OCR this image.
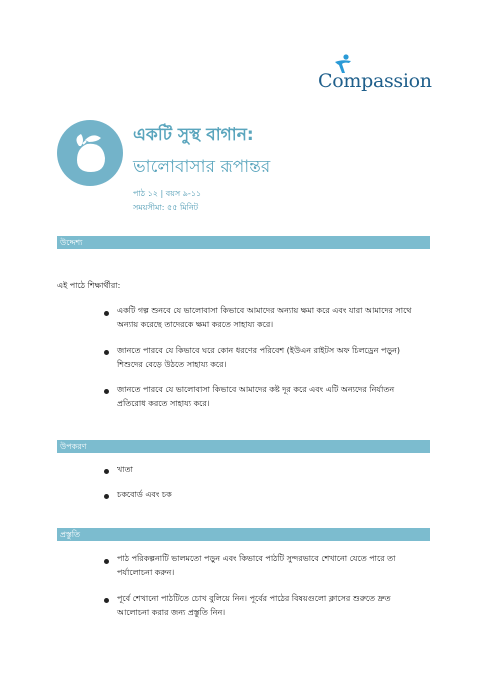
Compassion
একটি সুস্থ বাগান:
ভালোবাসার রূপান্তর
পাঠ ১২ | বয়স ৯-১১
সময়সীমা: ৫৫ মিনিট
উদ্দেশ্য
এই পাঠে শিক্ষার্থীরা:
একটি গল্প শুনবে যে ভালোবাসা কিভাবে আমাদের অন্যায় ক্ষমা করে এবং যারা আমাদের সাথে অন্যায় করেছে তাদেরকে ক্ষমা করতে সাহায্য করে।
জানতে পারবে যে কিভাবে ঘরে কোন ধরণের পরিবেশ (ইউএন রাইটস অফ চিলড্রেন পড়ুন) শিশুদের বেড়ে উঠতে সাহায্য করে।
জানতে পারবে যে ভালোবাসা কিভাবে আমাদের কষ্ট দূর করে এবং এটি অন্যদের নির্যাতন প্রতিরোধ করতে সাহায্য করে।
উপকরণ
খাতা
চকবোর্ড এবং চক
প্রস্তুতি
পাঠ পরিকল্পনাটি ভালমতো পড়ুন এবং কিভাবে পাঠটি সুন্দরভাবে শেখানো যেতে পারে তা পর্যালোচনা করুন।
পূর্বে শেখানো পাঠটিতে চোখ বুলিয়ে নিন। পূর্বের পাঠের বিষয়গুলো ক্লাসের শুরুতে দ্রুত আলোচনা করার জন্য প্রস্তুতি নিন।
